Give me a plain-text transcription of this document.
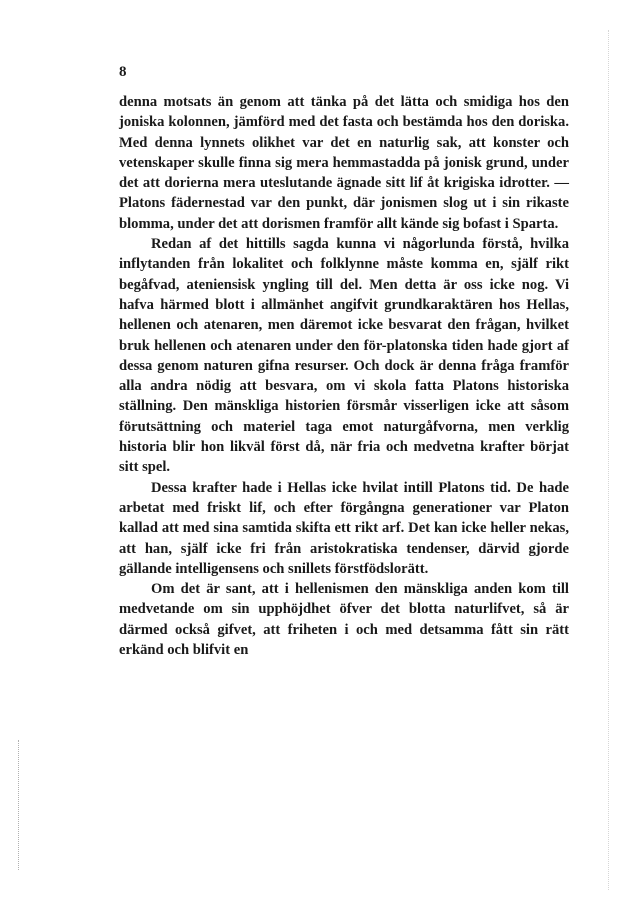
8

denna motsats än genom att tänka på det lätta och smidiga hos den joniska kolonnen, jämförd med det fasta och bestämda hos den doriska. Med denna lynnets olikhet var det en naturlig sak, att konster och vetenskaper skulle finna sig mera hemmastadda på jonisk grund, under det att dorierna mera uteslutande ägnade sitt lif åt krigiska idrotter. — Platons fädernestad var den punkt, där jonismen slog ut i sin rikaste blomma, under det att dorismen framför allt kände sig bofast i Sparta.

Redan af det hittills sagda kunna vi någorlunda förstå, hvilka inflytanden från lokalitet och folklynne måste komma en, själf rikt begåfvad, ateniensisk yngling till del. Men detta är oss icke nog. Vi hafva härmed blott i allmänhet angifvit grundkaraktären hos Hellas, hellenen och atenaren, men däremot icke besvarat den frågan, hvilket bruk hellenen och atenaren under den för-platonska tiden hade gjort af dessa genom naturen gifna resurser. Och dock är denna fråga framför alla andra nödig att besvara, om vi skola fatta Platons historiska ställning. Den mänskliga historien försmår visserligen icke att såsom förutsättning och materiel taga emot naturgåfvorna, men verklig historia blir hon likväl först då, när fria och medvetna krafter börjat sitt spel.

Dessa krafter hade i Hellas icke hvilat intill Platons tid. De hade arbetat med friskt lif, och efter förgångna generationer var Platon kallad att med sina samtida skifta ett rikt arf. Det kan icke heller nekas, att han, själf icke fri från aristokratiska tendenser, därvid gjorde gällande intelligensens och snillets förstfödslorätt.

Om det är sant, att i hellenismen den mänskliga anden kom till medvetande om sin upphöjdhet öfver det blotta naturlifvet, så är därmed också gifvet, att friheten i och med detsamma fått sin rätt erkänd och blifvit en
